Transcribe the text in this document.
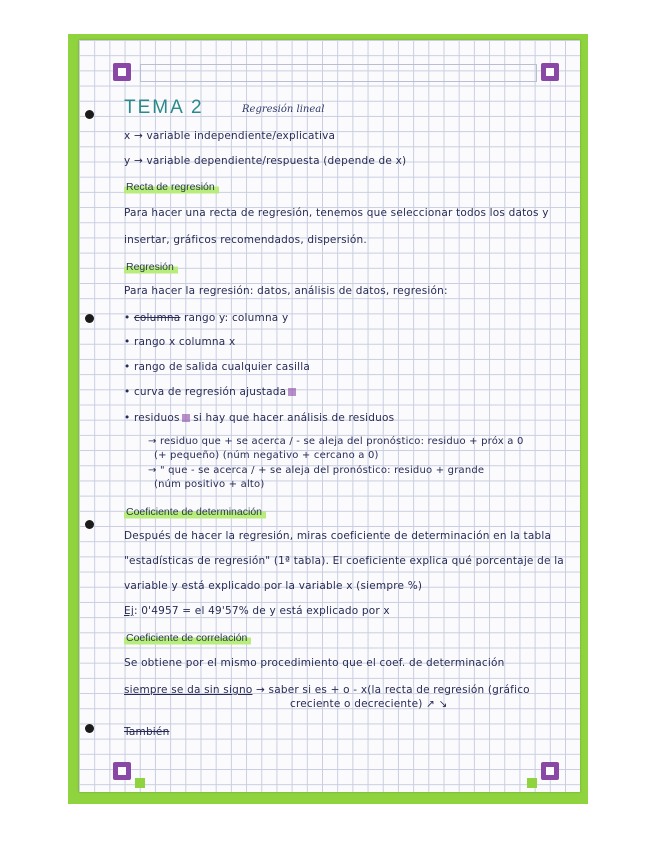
TEMA 2	Regresión lineal
x → variable independiente/explicativa
y → variable dependiente/respuesta (depende de x)
Recta de regresión
Para hacer una recta de regresión, tenemos que seleccionar todos los datos y
insertar, gráficos recomendados, dispersión.
Regresión
Para hacer la regresión: datos, análisis de datos, regresión:
• columna rango y: columna y
• rango x columna x
• rango de salida cualquier casilla
• curva de regresión ajustada
• residuos si hay que hacer análisis de residuos
→ residuo que + se acerca / - se aleja del pronóstico: residuo + próx a 0
(+ pequeño) (núm negativo + cercano a 0)
→ " que - se acerca / + se aleja del pronóstico: residuo + grande
(núm positivo + alto)
Coeficiente de determinación
Después de hacer la regresión, miras coeficiente de determinación en la tabla
"estadísticas de regresión" (1ª tabla). El coeficiente explica qué porcentaje de la
variable y está explicado por la variable x (siempre %)
Ej: 0'4957 = el 49'57% de y está explicado por x
Coeficiente de correlación
Se obtiene por el mismo procedimiento que el coef. de determinación
siempre se da sin signo → saber si es + o - x(la recta de regresión (gráfico
creciente o decreciente) ↗ ↘
También
